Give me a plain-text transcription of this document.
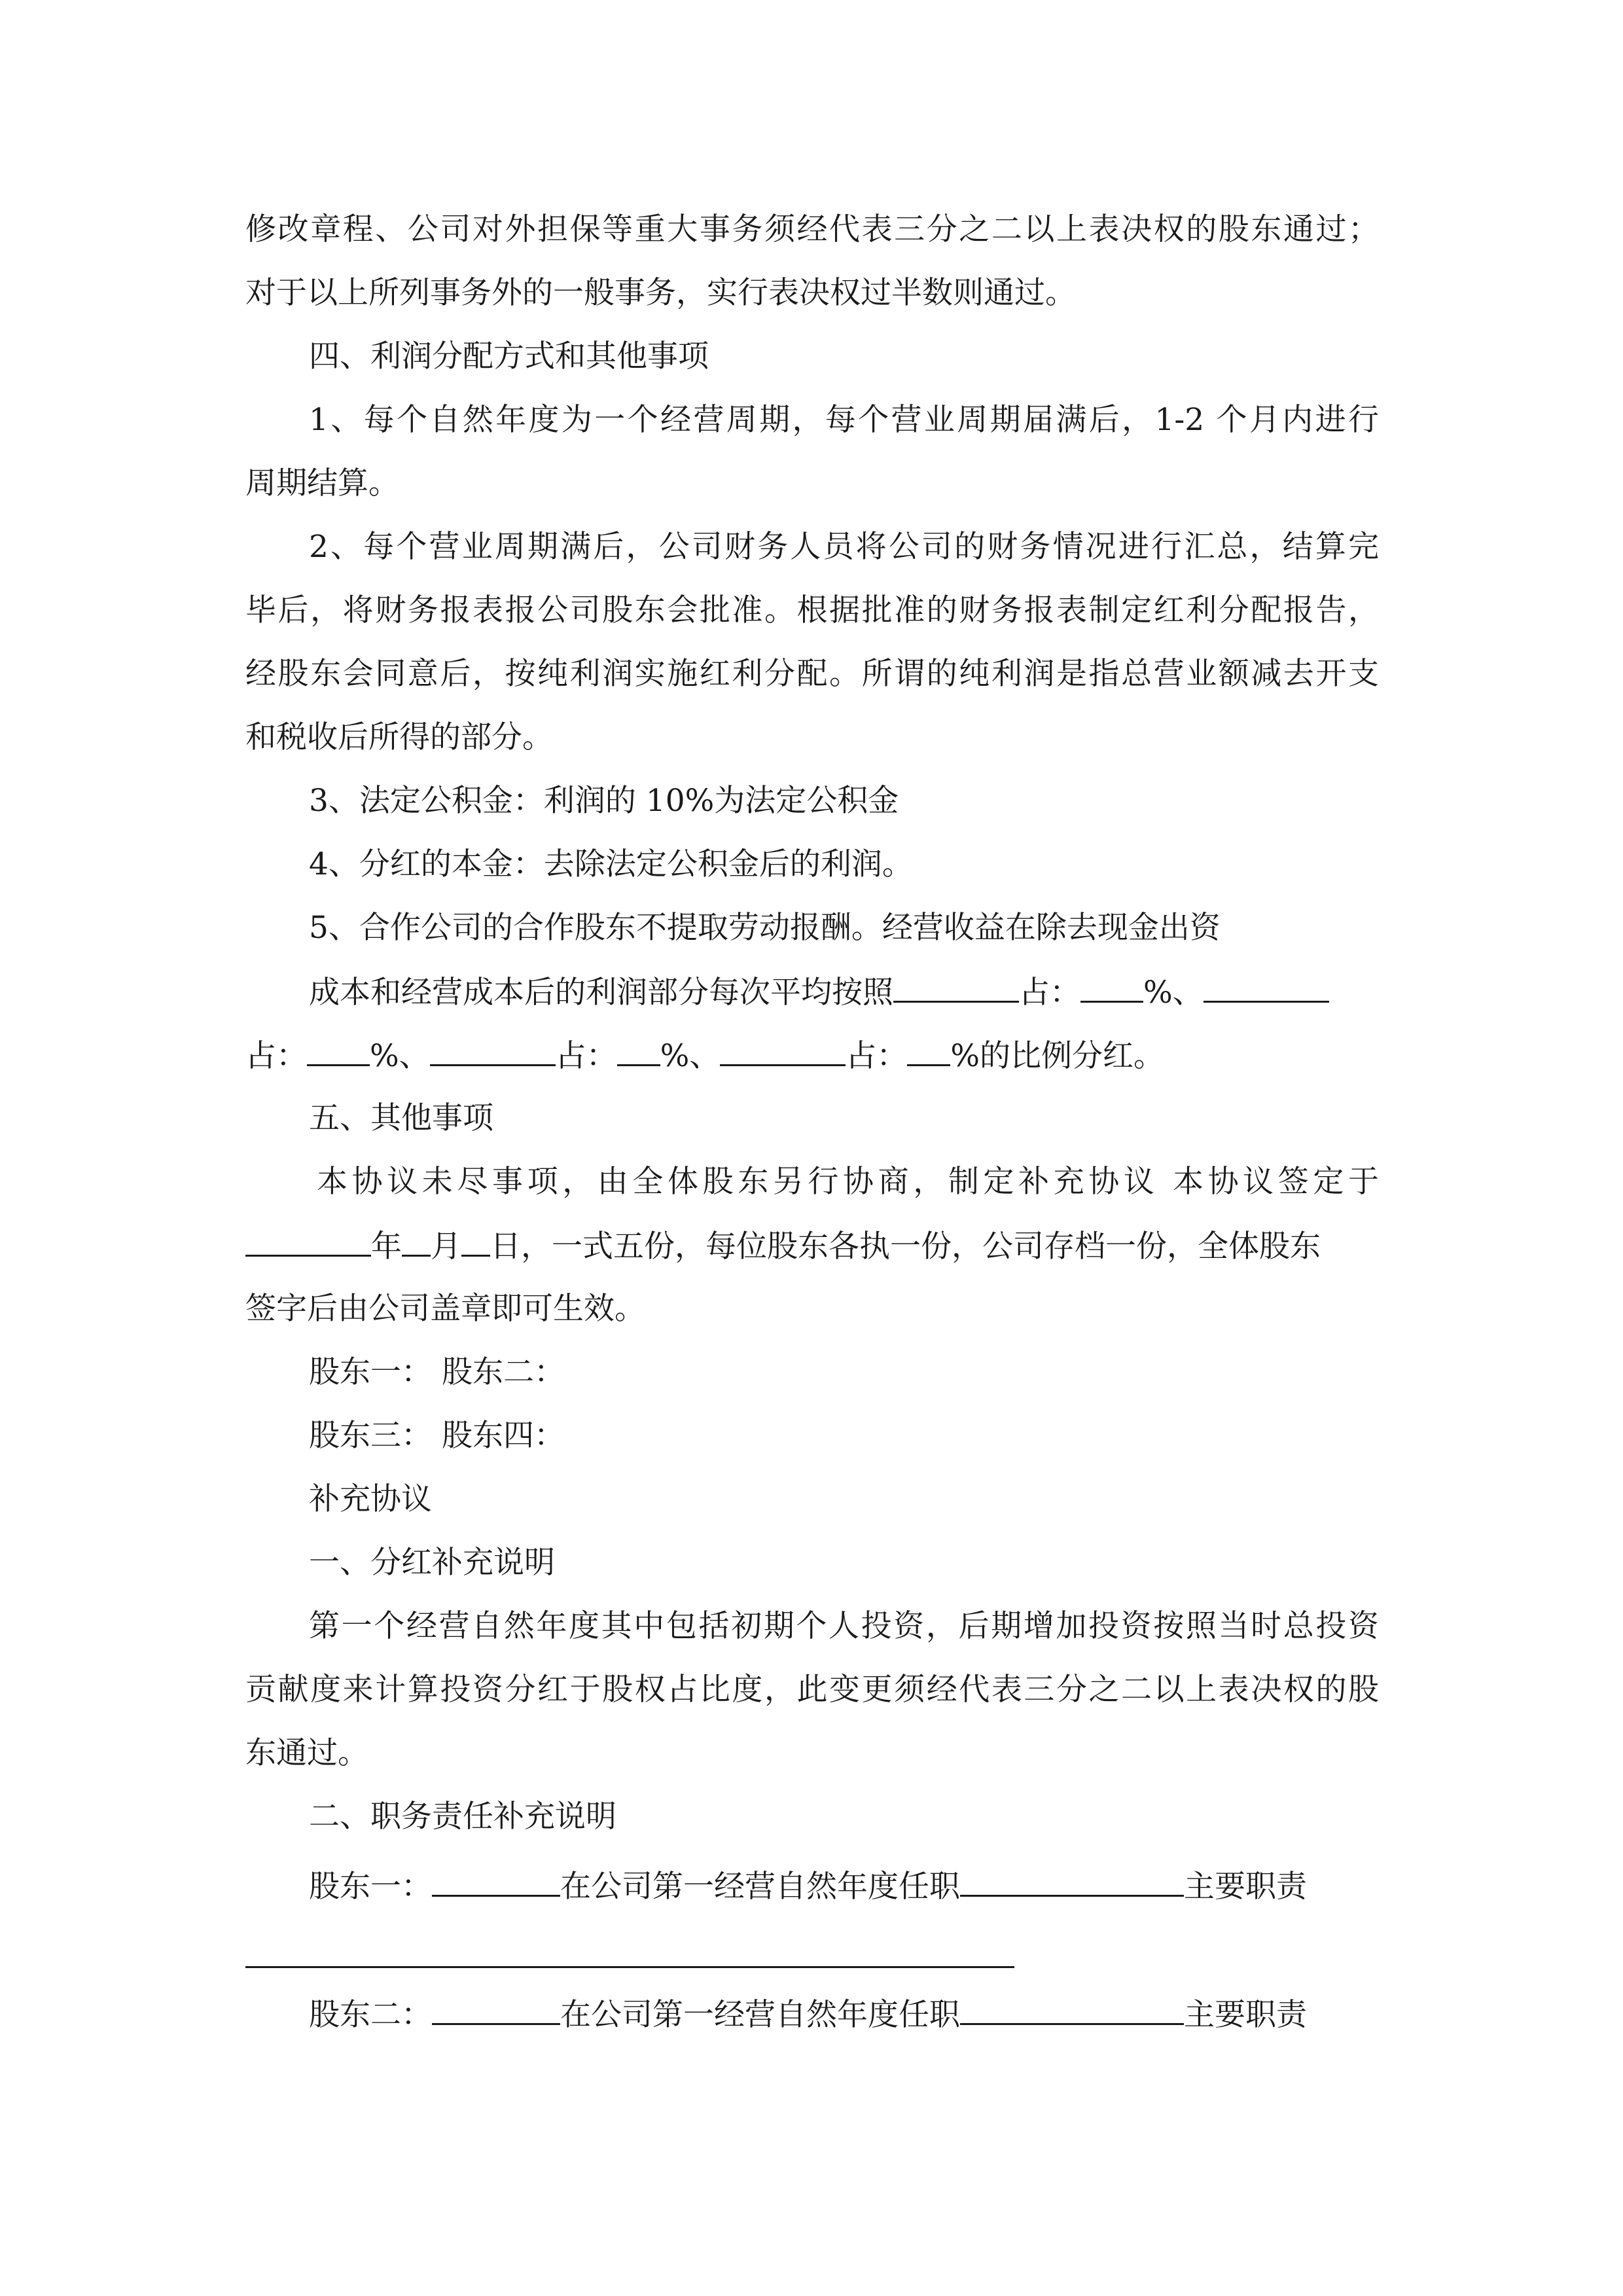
修改章程、公司对外担保等重大事务须经代表三分之二以上表决权的股东通过；
对于以上所列事务外的一般事务，实行表决权过半数则通过。
四、利润分配方式和其他事项
1、每个自然年度为一个经营周期，每个营业周期届满后，1-2 个月内进行
周期结算。
2、每个营业周期满后，公司财务人员将公司的财务情况进行汇总，结算完
毕后，将财务报表报公司股东会批准。根据批准的财务报表制定红利分配报告，
经股东会同意后，按纯利润实施红利分配。所谓的纯利润是指总营业额减去开支
和税收后所得的部分。
3、法定公积金：利润的 10%为法定公积金
4、分红的本金：去除法定公积金后的利润。
5、合作公司的合作股东不提取劳动报酬。经营收益在除去现金出资
成本和经营成本后的利润部分每次平均按照	占： %、
占： %、	占： %、	占： %的比例分红。
五、其他事项
本协议未尽事项，由全体股东另行协商，制定补充协议 本协议签定于
年 月 日，一式五份，每位股东各执一份，公司存档一份，全体股东
签字后由公司盖章即可生效。
股东一： 股东二：
股东三： 股东四：
补充协议
一、分红补充说明
第一个经营自然年度其中包括初期个人投资，后期增加投资按照当时总投资
贡献度来计算投资分红于股权占比度，此变更须经代表三分之二以上表决权的股
东通过。
二、职务责任补充说明
股东一：	在公司第一经营自然年度任职	主要职责
股东二：	在公司第一经营自然年度任职	主要职责
